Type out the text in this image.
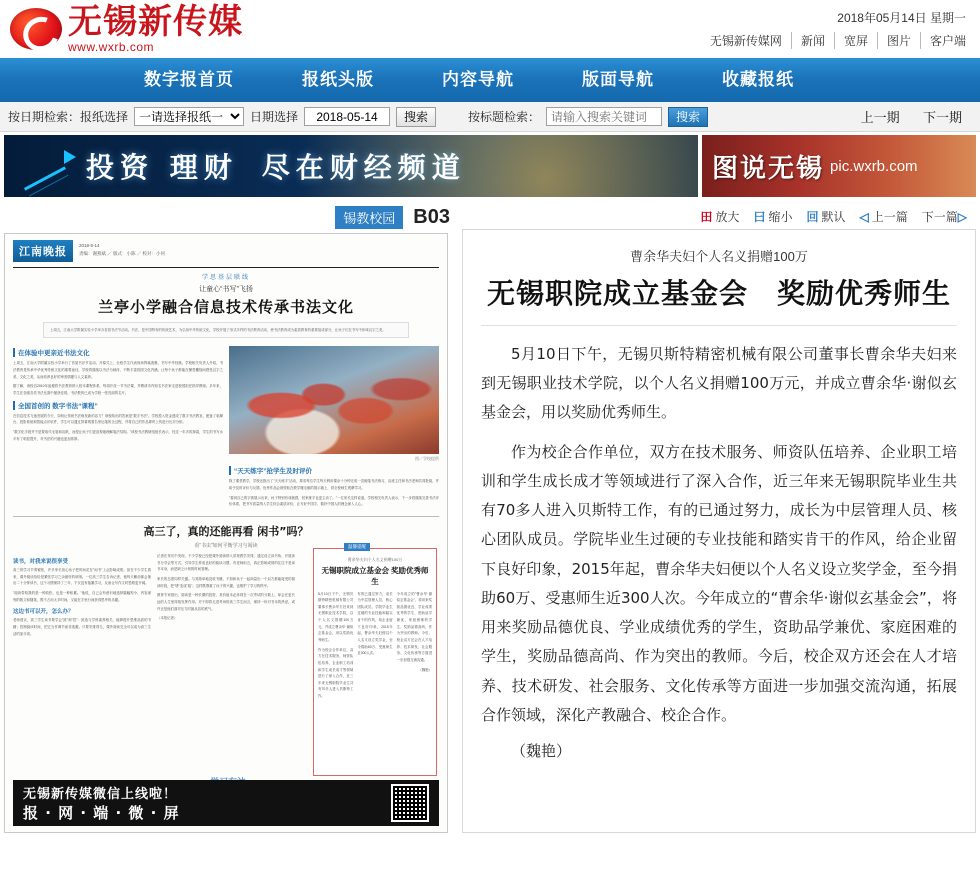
无锡新传媒
www.wxrb.com
2018年05月14日 星期一
无锡新传媒网	新闻	宽屏	图片	客户端
数字报首页	报纸头版	内容导航	版面导航	收藏报纸
按日期检索：报纸选择
一请选择报纸一	日期选择
2018-05-14	搜索	按标题检索：
请输入搜索关键词	搜索	上一期 下一期
投资 理财 尽在财经频道	图说无锡 pic.wxrb.com
锡教校园 B03
江南晚报	2018-5-14
责编：谢燕斌 ／ 版式：小陈 ／ 校对：小何
学思基层联线
让童心“书写”飞扬
兰亭小学融合信息技术传承书法文化
上周五，江南大学附属实验小学举办首届书法节活动。书法，是中国特有的传统艺术，为弘扬中华传统文化，学校开展了形式多样的书法教育活动，使书法教育成为素质教育的重要组成部分，让孩子们在书写中体味汉字之美。
在体验中更亲近书法文化
上周五，江南大学附属实验小学举行了首届书法节活动。开幕式上，全校学生代表现场挥毫泼墨，书写中华经典。学校相关负责人介绍，书法教育是传承中华优秀传统文化的重要途径，学校将继续以书法为载体，不断丰富校园文化内涵，让每个孩子都能在横竖撇捺间感受汉字之美、文化之美，从而培养良好的审美情趣与人文素养。
据了解，该校自2010年起便将书法教育纳入校本课程体系，每周开设一节书法课，并聘请市内知名书法家走进校园担任指导教师。多年来，学生在各级各类书法比赛中屡获佳绩，书法教育已成为学校一张亮丽的名片。
全国首创的 数字书法“课程”
在信息技术飞速发展的今天，如何让传统书法焕发新的活力？该校给出的答案是"数字书法"。学校投入资金建成了数字书法教室，配备了临摹台、投影系统和智能点评软件，学生可以通过屏幕观看名家运笔的全过程，并将自己的作品即时上传进行比对分析。
"数字化手段并不是要取代毛笔和宣纸，而是让孩子们更直观地理解笔法结构。"该校书法教研组组长表示，经过一年多的探索，学生的书写水平有了明显提升，对书法的兴趣也更加浓厚。
图／学校提供
“天天练字”抢学生及时评价
除了课堂教学，学校还推出了"天天练字"活动，要求每位学生每天利用课余十分钟完成一页硬笔书法练习，由班主任和书法老师共同批阅，并给予及时评价与反馈。优秀作品会被张贴在教学楼走廊的展示墙上，供全校师生观摩学习。
"看到自己的字被展示出来，孩子特别有成就感，回家练字也更主动了。"一位家长这样说道。学校相关负责人表示，下一步将继续完善书法评价体系，把书写质量纳入学生综合素质评价，让写好中国字、做好中国人的理念深入人心。
高三了，真的还能再看 闲书”吗？
看“书虫”如何平衡学习与阅读
读书，对我来说很享受
高三的学习节奏紧张，许多家长担心孩子把时间花在"闲书"上会影响成绩。但在不少学生看来，课外阅读恰恰是紧张学习之余最好的调剂。一位高三学生告诉记者，他每天睡前都会抽出二十分钟读书，这个习惯保持了三年，不仅没有拖累学习，反而让写作文时思路更开阔。
"阅读带给我的是一种放松，也是一种积累。"他说，自己会有意识地选择篇幅短小、内容深刻的散文和随笔，既不占用太多时间，又能在字里行间获得思考的乐趣。
这边书可以开，怎么办？
老师建议，高三学生读书要学会"挑"和"控"：挑选与学科素养相关、能够提升思维品质的书籍；控制阅读时间，把它当作调节而非逃避。只要安排得当，课外阅读完全可以成为高三生活的加分项。
记者在采访中发现，不少学校已经把课外阅读纳入常规教学安排，通过设立读书角、开展读书分享会等方式，引导学生养成良好的阅读习惯。有老师坦言，真正影响成绩的往往不是读书本身，而是缺乏计划的时间管理。
家长的态度同样关键。与其简单地没收书籍，不如和孩子一起商量出一个双方都能接受的阅读时段，把"堵"变成"疏"。这样既尊重了孩子的兴趣，也维护了学习的秩序。
教育专家指出，阅读是一种长期的投资，其价值未必体现在一次考试的分数上，却会在更长远的人生里持续发挥作用。对于即将走进考场的高三学生而言，保持一份对书本的热爱，或许正是他们面对压力时最从容的底气。
（本报记者）
温馨提醒
曹余华夫妇个人名义捐赠100万
无锡职院成立基金会 奖励优秀师生
5月10日下午，无锡贝斯特精密机械有限公司董事长曹余华夫妇来到无锡职业技术学院，以个人名义捐赠100万元，并成立曹余华·谢似玄基金会，用以奖励优秀师生。
作为校企合作单位，双方在技术服务、师资队伍培养、企业职工培训和学生成长成才等领域进行了深入合作，近三年来无锡职院毕业生共有70多人进入贝斯特工作。
有的已通过努力，成长为中层管理人员、核心团队成员。学院毕业生过硬的专业技能和踏实肯干的作风，给企业留下良好印象，2015年起，曹余华夫妇便以个人名义设立奖学金，至今捐助60万、受惠师生近300人次。
今年成立的"曹余华·谢似玄基金会"，将用来奖励品德优良、学业成绩优秀的学生，资助品学兼优、家庭困难的学生，奖励品德高尚、作为突出的教师。今后，校企双方还会在人才培养、技术研发、社会服务、文化传承等方面进一步加强交流沟通。
（魏艳）
无锡新传媒微信上线啦！
报 · 网 · 端 · 微 · 屏
田 放大 曰 缩小 回 默认 ◁ 上一篇 下一篇▷
曹余华夫妇个人名义捐赠100万
无锡职院成立基金会　奖励优秀师生

5月10日下午，无锡贝斯特精密机械有限公司董事长曹余华夫妇来到无锡职业技术学院，以个人名义捐赠100万元，并成立曹余华·谢似玄基金会，用以奖励优秀师生。

作为校企合作单位，双方在技术服务、师资队伍培养、企业职工培训和学生成长成才等领域进行了深入合作，近三年来无锡职院毕业生共有70多人进入贝斯特工作，有的已通过努力，成长为中层管理人员、核心团队成员。学院毕业生过硬的专业技能和踏实肯干的作风，给企业留下良好印象，2015年起，曹余华夫妇便以个人名义设立奖学金，至今捐助60万、受惠师生近300人次。今年成立的“曹余华·谢似玄基金会”，将用来奖励品德优良、学业成绩优秀的学生，资助品学兼优、家庭困难的学生，奖励品德高尚、作为突出的教师。今后，校企双方还会在人才培养、技术研发、社会服务、文化传承等方面进一步加强交流沟通，拓展合作领域，深化产教融合、校企合作。

（魏艳）
